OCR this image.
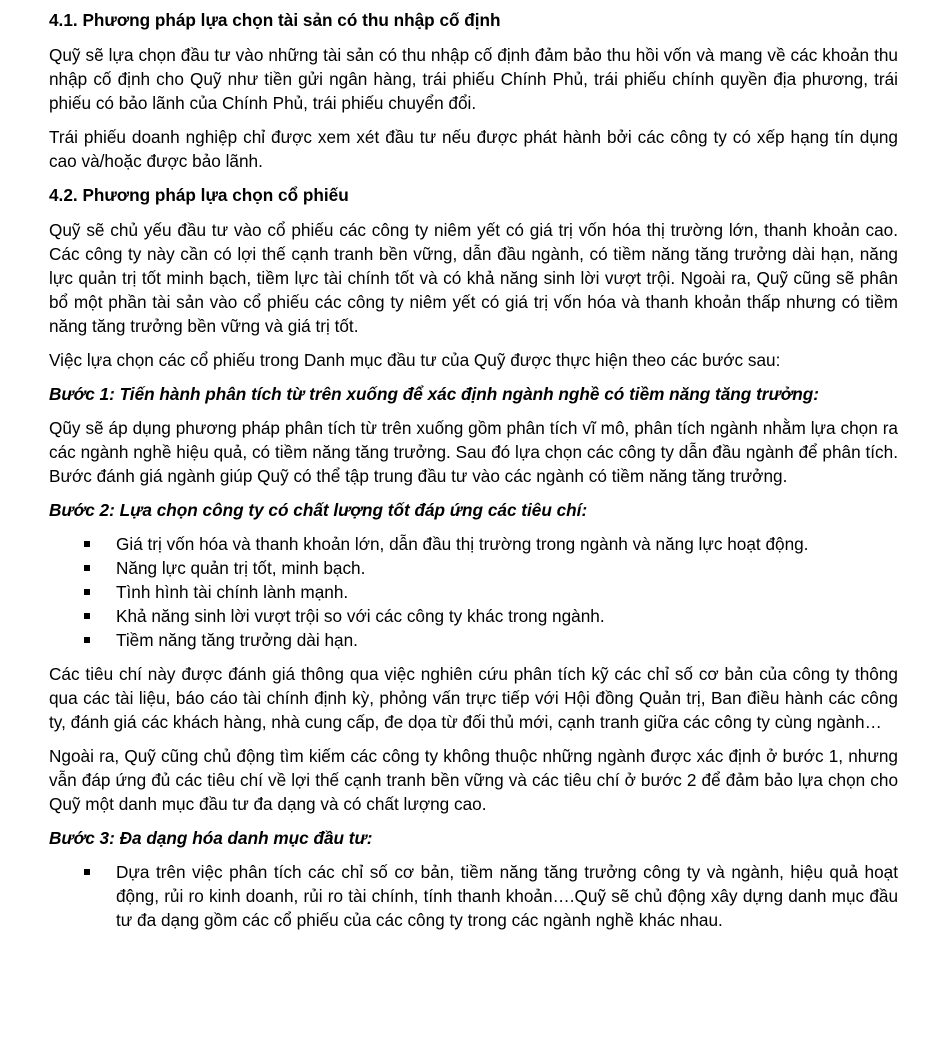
4.1. Phương pháp lựa chọn tài sản có thu nhập cố định

Quỹ sẽ lựa chọn đầu tư vào những tài sản có thu nhập cố định đảm bảo thu hồi vốn và mang về các khoản thu nhập cố định cho Quỹ như tiền gửi ngân hàng, trái phiếu Chính Phủ, trái phiếu chính quyền địa phương, trái phiếu có bảo lãnh của Chính Phủ, trái phiếu chuyển đổi.

Trái phiếu doanh nghiệp chỉ được xem xét đầu tư nếu được phát hành bởi các công ty có xếp hạng tín dụng cao và/hoặc được bảo lãnh.

4.2. Phương pháp lựa chọn cổ phiếu

Quỹ sẽ chủ yếu đầu tư vào cổ phiếu các công ty niêm yết có giá trị vốn hóa thị trường lớn, thanh khoản cao. Các công ty này cần có lợi thế cạnh tranh bền vững, dẫn đầu ngành, có tiềm năng tăng trưởng dài hạn, năng lực quản trị tốt minh bạch, tiềm lực tài chính tốt và có khả năng sinh lời vượt trội. Ngoài ra, Quỹ cũng sẽ phân bổ một phần tài sản vào cổ phiếu các công ty niêm yết có giá trị vốn hóa và thanh khoản thấp nhưng có tiềm năng tăng trưởng bền vững và giá trị tốt.

Việc lựa chọn các cổ phiếu trong Danh mục đầu tư của Quỹ được thực hiện theo các bước sau:

Bước 1: Tiến hành phân tích từ trên xuống để xác định ngành nghề có tiềm năng tăng trưởng:

Qũy sẽ áp dụng phương pháp phân tích từ trên xuống gồm phân tích vĩ mô, phân tích ngành nhằm lựa chọn ra các ngành nghề hiệu quả, có tiềm năng tăng trưởng. Sau đó lựa chọn các công ty dẫn đầu ngành để phân tích. Bước đánh giá ngành giúp Quỹ có thể tập trung đầu tư vào các ngành có tiềm năng tăng trưởng.

Bước 2: Lựa chọn công ty có chất lượng tốt đáp ứng các tiêu chí:
Giá trị vốn hóa và thanh khoản lớn, dẫn đầu thị trường trong ngành và năng lực hoạt động.
Năng lực quản trị tốt, minh bạch.
Tình hình tài chính lành mạnh.
Khả năng sinh lời vượt trội so với các công ty khác trong ngành.
Tiềm năng tăng trưởng dài hạn.

Các tiêu chí này được đánh giá thông qua việc nghiên cứu phân tích kỹ các chỉ số cơ bản của công ty thông qua các tài liệu, báo cáo tài chính định kỳ, phỏng vấn trực tiếp với Hội đồng Quản trị, Ban điều hành các công ty, đánh giá các khách hàng, nhà cung cấp, đe dọa từ đối thủ mới, cạnh tranh giữa các công ty cùng ngành…

Ngoài ra, Quỹ cũng chủ động tìm kiếm các công ty không thuộc những ngành được xác định ở bước 1, nhưng vẫn đáp ứng đủ các tiêu chí về lợi thế cạnh tranh bền vững và các tiêu chí ở bước 2 để đảm bảo lựa chọn cho Quỹ một danh mục đầu tư đa dạng và có chất lượng cao.

Bước 3: Đa dạng hóa danh mục đầu tư:
Dựa trên việc phân tích các chỉ số cơ bản, tiềm năng tăng trưởng công ty và ngành, hiệu quả hoạt động, rủi ro kinh doanh, rủi ro tài chính, tính thanh khoản….Quỹ sẽ chủ động xây dựng danh mục đầu tư đa dạng gồm các cổ phiếu của các công ty trong các ngành nghề khác nhau.
